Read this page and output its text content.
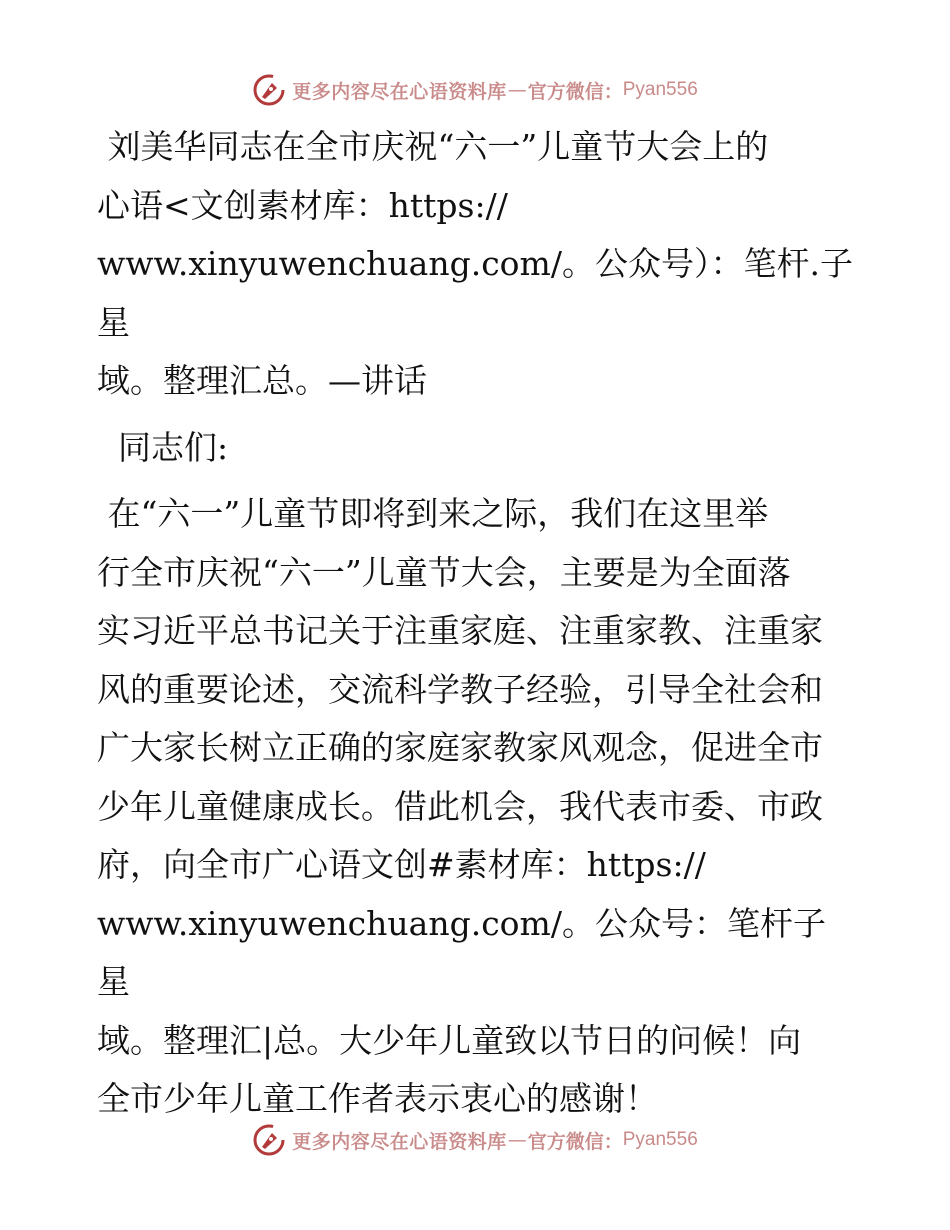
更多内容尽在心语资料库 — 官方微信： Pyan556

刘美华同志在全市庆祝“六一”儿童节大会上的

心语<文创素材库：https://

www.xinyuwenchuang.com/。公众号）：笔杆.子星

域。整理汇总。—讲话

同志们:

在“六一”儿童节即将到来之际，我们在这里举

行全市庆祝“六一”儿童节大会，主要是为全面落

实习近平总书记关于注重家庭、注重家教、注重家

风的重要论述，交流科学教子经验，引导全社会和

广大家长树立正确的家庭家教家风观念，促进全市

少年儿童健康成长。借此机会，我代表市委、市政

府，向全市广心语文创#素材库：https://

www.xinyuwenchuang.com/。公众号：笔杆子星

域。整理汇|总。大少年儿童致以节日的问候！向

全市少年儿童工作者表示衷心的感谢！

更多内容尽在心语资料库 — 官方微信： Pyan556
